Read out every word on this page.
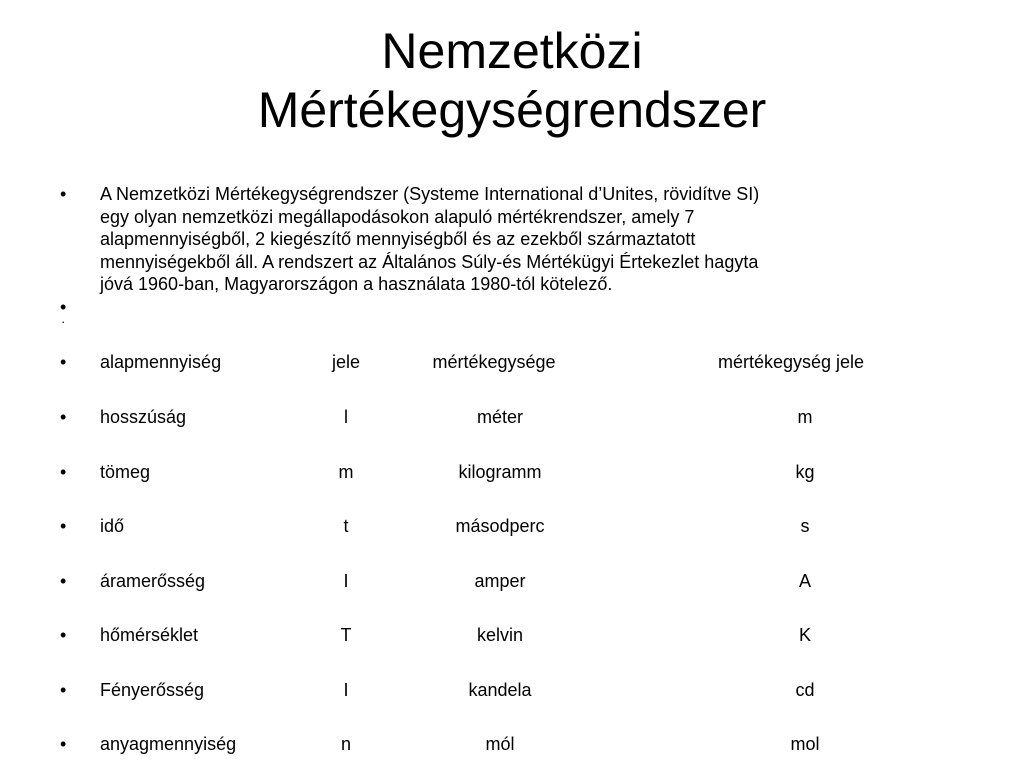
Nemzetközi
Mértékegységrendszer
• A Nemzetközi Mértékegységrendszer (Systeme International d’Unites, rövidítve SI)
egy olyan nemzetközi megállapodásokon alapuló mértékrendszer, amely 7
alapmennyiségből, 2 kiegészítő mennyiségből és az ezekből származtatott
mennyiségekből áll. A rendszert az Általános Súly-és Mértékügyi Értekezlet hagyta
jóvá 1960-ban, Magyarországon a használata 1980-tól kötelező.
•
·
• alapmennyiség	jele	mértékegysége	mértékegység jele
• hosszúság	l	méter	m
• tömeg	m	kilogramm	kg
• idő	t	másodperc	s
• áramerősség	I	amper	A
• hőmérséklet	T	kelvin	K
• Fényerősség	I	kandela	cd
• anyagmennyiség	n	mól	mol
